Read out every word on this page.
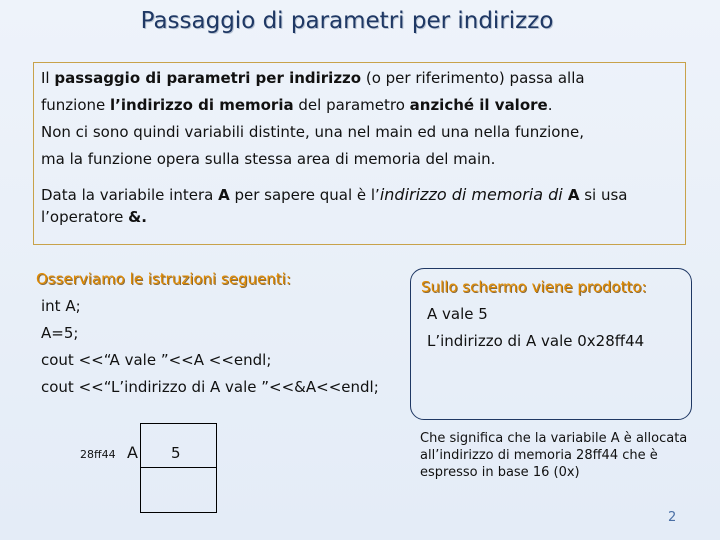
Passaggio di parametri per indirizzo
Il passaggio di parametri per indirizzo (o per riferimento) passa alla
funzione l’indirizzo di memoria del parametro anziché il valore.
Non ci sono quindi variabili distinte, una nel main ed una nella funzione,
ma la funzione opera sulla stessa area di memoria del main.
Data la variabile intera A per sapere qual è l’indirizzo di memoria di A si usa
l’operatore &.
Osserviamo le istruzioni seguenti:
int A;
A=5;
cout <<“A vale ”<<A <<endl;
cout <<“L’indirizzo di A vale ”<<&A<<endl;
Sullo schermo viene prodotto:
A vale 5
L’indirizzo di A vale 0x28ff44
28ff44 A 5
Che significa che la variabile A è allocata all’indirizzo di memoria 28ff44 che è espresso in base 16 (0x)
2
